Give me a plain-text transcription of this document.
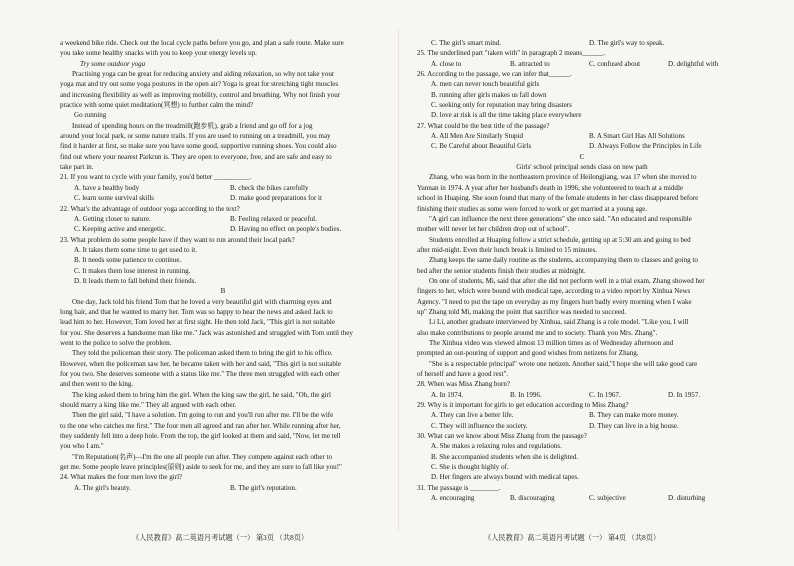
a weekend bike ride. Check out the local cycle paths before you go, and plan a safe route. Make sure

you take some healthy snacks with you to keep your energy levels up.

Try some outdoor yoga

Practising yoga can be great for reducing anxiety and aiding relaxation, so why not take your

yoga mat and try out some yoga postures in the open air? Yoga is great for stretching tight muscles

and increasing flexibility as well as improving mobility, control and breathing. Why not finish your

practice with some quiet meditation(冥想) to further calm the mind?

Go running

Instead of spending hours on the treadmill(跑步机), grab a friend and go off for a jog

around your local park, or some nature trails. If you are used to running on a treadmill, you may

find it harder at first, so make sure you have some good, supportive running shoes. You could also

find out where your nearest Parkrun is. They are open to everyone, free, and are safe and easy to

take part in.

21. If you want to cycle with your family, you'd better __________.

A. have a healthy body	B. check the bikes carefully

C. learn some survival skills	D. make good preparations for it

22. What's the advantage of outdoor yoga according to the text?

A. Getting closer to nature.	B. Feeling relaxed or peaceful.

C. Keeping active and energetic.	D. Having no effect on people's bodies.

23. What problem do some people have if they want to run around their local park?

A. It takes them some time to get used to it.

B. It needs some patience to continue.

C. It makes them lose interest in running.

D. It leads them to fall behind their friends.

B

One day, Jack told his friend Tom that he loved a very beautiful girl with charming eyes and

long hair, and that he wanted to marry her. Tom was so happy to hear the news and asked Jack to

lead him to her. However, Tom loved her at first sight. He then told Jack, "This girl is not suitable

for you. She deserves a handsome man like me." Jack was astonished and struggled with Tom until they

went to the police to solve the problem.

They told the policeman their story. The policeman asked them to bring the girl to his office.

However, when the policeman saw her, he became taken with her and said, "This girl is not suitable

for you two. She deserves someone with a status like me." The three men struggled with each other

and then went to the king.

The king asked them to bring him the girl. When the king saw the girl, he said, "Oh, the girl

should marry a king like me." They all argued with each other.

Then the girl said, "I have a solution. I'm going to run and you'll run after me. I'll be the wife

to the one who catches me first." The four men all agreed and ran after her. While running after her,

they suddenly fell into a deep hole. From the top, the girl looked at them and said, "Now, let me tell

you who I am."

"I'm Reputation(名声)—I'm the one all people run after. They compete against each other to

get me. Some people leave principles(原则) aside to seek for me, and they are sure to fall like you!"

24. What makes the four men love the girl?

A. The girl's beauty.	B. The girl's reputation.

C. The girl's smart mind.	D. The girl's way to speak.

25. The underlined part "taken with" in paragraph 2 means______.

A. close to	B. attracted to	C. confused about	D. delightful with

26. According to the passage, we can infer that______.

A. men can never touch beautiful girls

B. running after girls makes us fall down

C. seeking only for reputation may bring disasters

D. love at risk is all the time taking place everywhere

27. What could be the best title of the passage?

A. All Men Are Similarly Stupid	B. A Smart Girl Has All Solutions

C. Be Careful about Beautiful Girls	D. Always Follow the Principles in Life

C

Girls' school principal sends class on new path

Zhang, who was born in the northeastern province of Heilongjiang, was 17 when she moved to

Yunnan in 1974. A year after her husband's death in 1996, she volunteered to teach at a middle

school in Huaping. She soon found that many of the female students in her class disappeared before

finishing their studies as some were forced to work or get married at a young age.

"A girl can influence the next three generations" she once said. "An educated and responsible

mother will never let her children drop out of school".

Students enrolled at Huaping follow a strict schedule, getting up at 5:30 am and going to bed

after mid-night. Even their lunch break is limited to 15 minutes.

Zhang keeps the same daily routine as the students, accompanying them to classes and going to

bed after the senior students finish their studies at midnight.

On one of students, Mi, said that after she did not perform well in a trial exam, Zhang showed her

fingers to her, which were bound with medical tape, according to a video report by Xinhua News

Agency. "I need to put the tape on everyday as my fingers hurt badly every morning when I wake

up" Zhang told Mi, making the point that sacrifice was needed to succeed.

Li Li, another graduate interviewed by Xinhua, said Zhang is a role model. "Like you, I will

also make contributions to people around me and to society. Thank you Mrs. Zhang".

The Xinhua video was viewed almost 13 million times as of Wednesday afternoon and

prompted an out-pouring of support and good wishes from netizens for Zhang.

"She is a respectable principal" wrote one netizen. Another said,"I hope she will take good care

of herself and have a good rest".

28. When was Miss Zhang born?

A. In 1974.	B. In 1996.	C. In 1967.	D. In 1957.

29. Why is it important for girls to get education according to Miss Zhang?

A. They can live a better life.	B. They can make more money.

C. They will influence the society.	D. They can live in a big house.

30. What can we know about Miss Zhang from the passage?

A. She makes a relaxing rules and regulations.

B. She accompanied students when she is delighted.

C. She is thought highly of.

D. Her fingers are always bound with medical tapes.

31. The passage is ________.

A. encouraging	B. discouraging	C. subjective	D. disturbing

《人民教育》高二英语月考试题（一） 第3页 （共8页）	《人民教育》高二英语月考试题（一） 第4页 （共8页）
